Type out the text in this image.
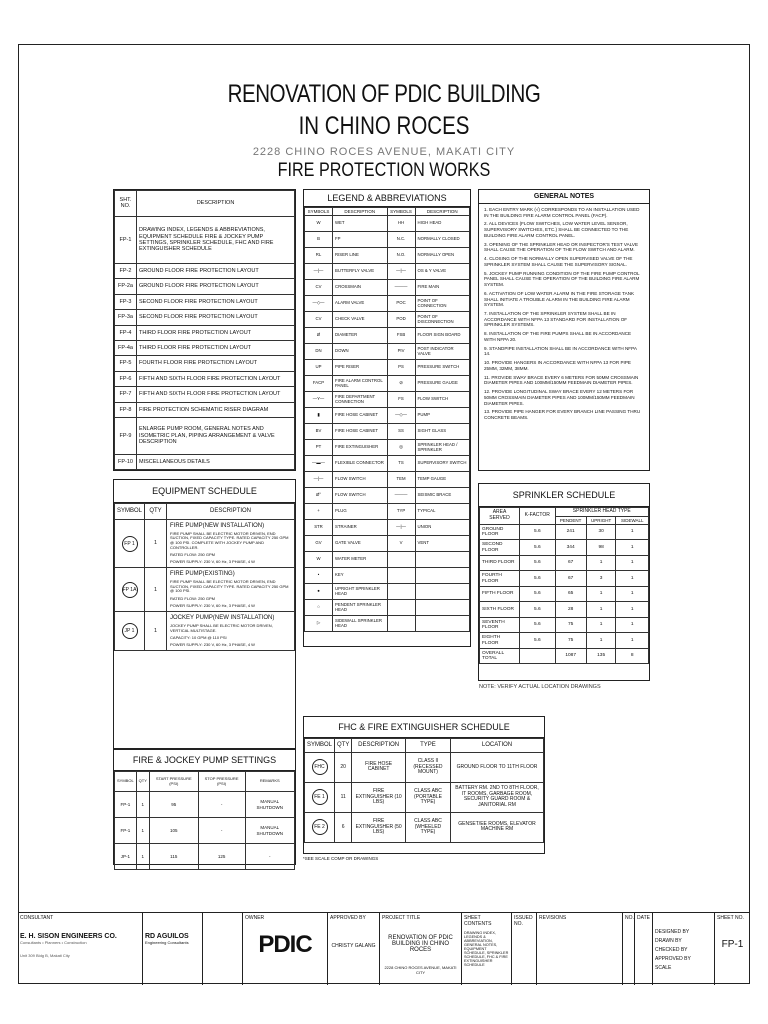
RENOVATION OF PDIC BUILDING
IN CHINO ROCES
2228 CHINO ROCES AVENUE, MAKATI CITY
FIRE PROTECTION WORKS
SHT. NO.	DESCRIPTION
FP-1	DRAWING INDEX, LEGENDS & ABBREVIATIONS, EQUIPMENT SCHEDULE FIRE & JOCKEY PUMP SETTINGS, SPRINKLER SCHEDULE, FHC AND FIRE EXTINGUISHER SCHEDULE
FP-2	GROUND FLOOR FIRE PROTECTION LAYOUT
FP-2a	GROUND FLOOR FIRE PROTECTION LAYOUT
FP-3	SECOND FLOOR FIRE PROTECTION LAYOUT
FP-3a	SECOND FLOOR FIRE PROTECTION LAYOUT
FP-4	THIRD FLOOR FIRE PROTECTION LAYOUT
FP-4a	THIRD FLOOR FIRE PROTECTION LAYOUT
FP-5	FOURTH FLOOR FIRE PROTECTION LAYOUT
FP-6	FIFTH AND SIXTH FLOOR FIRE PROTECTION LAYOUT
FP-7	FIFTH AND SIXTH FLOOR FIRE PROTECTION LAYOUT
FP-8	FIRE PROTECTION SCHEMATIC RISER DIAGRAM
FP-9	ENLARGE PUMP ROOM, GENERAL NOTES AND ISOMETRIC PLAN, PIPING ARRANGEMENT & VALVE DESCRIPTION
FP-10	MISCELLANEOUS DETAILS
LEGEND & ABBREVIATIONS
SYMBOLS	DESCRIPTION	SYMBOLS	DESCRIPTION
W	WET	HH	HIGH HEAD
B	FP	N.C.	NORMALLY CLOSED
RL	RISER LINE	N.O.	NORMALLY OPEN
—|—	BUTTERFLY VALVE	—|—	OS & Y VALVE
CV	CROSSMAIN	———	FIRE MAIN
—◇—	ALARM VALVE	POC	POINT OF CONNECTION
CV	CHECK VALVE	POD	POINT OF DISCONNECTION
Ø	DIAMETER	FSB	FLOOR SIGN BOARD
DN	DOWN	PIV	POST INDICATOR VALVE
UP	PIPE RISER	PS	PRESSURE SWITCH
FACP	FIRE ALARM CONTROL PANEL	⊘	PRESSURE GAUGE
—Y—	FIRE DEPARTMENT CONNECTION	FS	FLOW SWITCH
▮	FIRE HOSE CABINET	—◇—	PUMP
BV	FIRE HOSE CABINET	SS	SIGHT GLASS
PT	FIRE EXTINGUISHER	◎	SPRINKLER HEAD / SPRINKLER
—▬—	FLEXIBLE CONNECTOR	TS	SUPERVISORY SWITCH
—|—	FLOW SWITCH	TEM	TEMP GAUGE
Ø°	FLOW SWITCH	———	SEISMIC BRACE
+	PLUG	TYP	TYPICAL
STR	STRAINER	—|—	UNION
GV	GATE VALVE	V	VENT
W	WATER METER		
•	KEY		
●	UPRIGHT SPRINKLER HEAD		
○	PENDENT SPRINKLER HEAD		
▷	SIDEWALL SPRINKLER HEAD		
GENERAL NOTES
1. EACH ENTRY MARK (√) CORRESPONDS TO AN INSTALLATION USED IN THE BUILDING FIRE ALARM CONTROL PANEL (FACP).
2. ALL DEVICES (FLOW SWITCHES, LOW WATER LEVEL SENSOR, SUPERVISORY SWITCHES, ETC.) SHALL BE CONNECTED TO THE BUILDING FIRE ALARM CONTROL PANEL.
3. OPENING OF THE SPRINKLER HEAD OR INSPECTOR'S TEST VALVE SHALL CAUSE THE OPERATION OF THE FLOW SWITCH AND ALARM.
4. CLOSING OF THE NORMALLY OPEN SUPERVISED VALVE OF THE SPRINKLER SYSTEM SHALL CAUSE THE SUPERVISORY SIGNAL.
5. JOCKEY PUMP RUNNING CONDITION OF THE FIRE PUMP CONTROL PANEL SHALL CAUSE THE OPERATION OF THE BUILDING FIRE ALARM SYSTEM.
6. ACTIVATION OF LOW WATER ALARM IN THE FIRE STORAGE TANK SHALL INITIATE A TROUBLE ALARM IN THE BUILDING FIRE ALARM SYSTEM.
7. INSTALLATION OF THE SPRINKLER SYSTEM SHALL BE IN ACCORDANCE WITH NFPA 13 STANDARD FOR INSTALLATION OF SPRINKLER SYSTEMS.
8. INSTALLATION OF THE FIRE PUMPS SHALL BE IN ACCORDANCE WITH NFPA 20.
9. STANDPIPE INSTALLATION SHALL BE IN ACCORDANCE WITH NFPA 14.
10. PROVIDE HANGERS IN ACCORDANCE WITH NFPA 13 FOR PIPE 25MM, 32MM, 38MM.
11. PROVIDE SWAY BRACE EVERY 6 METERS FOR 50MM CROSSMAIN DIAMETER PIPES AND 100MM/150MM FEEDMAIN DIAMETER PIPES.
12. PROVIDE LONGITUDINAL SWAY BRACE EVERY 12 METERS FOR 50MM CROSSMAIN DIAMETER PIPES AND 100MM/150MM FEEDMAIN DIAMETER PIPES.
13. PROVIDE PIPE HANGER FOR EVERY BRANCH LINE PASSING THRU CONCRETE BEAMS.
EQUIPMENT SCHEDULE
SYMBOL	QTY	DESCRIPTION
FP 1	1	FIRE PUMP(NEW INSTALLATION)
FIRE PUMP SHALL BE ELECTRIC MOTOR DRIVEN, END SUCTION, FIXED CAPACITY TYPE. RATED CAPACITY 250 GPM @ 100 PSI. COMPLETE WITH JOCKEY PUMP AND CONTROLLER.
RATED FLOW: 250 GPM
POWER SUPPLY: 230 V, 60 Hz, 3 PHASE, 4 W

FP 1A	1	FIRE PUMP(EXISTING)
FIRE PUMP SHALL BE ELECTRIC MOTOR DRIVEN, END SUCTION, FIXED CAPACITY TYPE. RATED CAPACITY 250 GPM @ 100 PSI.
RATED FLOW: 250 GPM
POWER SUPPLY: 230 V, 60 Hz, 3 PHASE, 4 W

JP 1	1	JOCKEY PUMP(NEW INSTALLATION)
JOCKEY PUMP SHALL BE ELECTRIC MOTOR DRIVEN, VERTICAL MULTISTAGE.
CAPACITY: 10 GPM @ 110 PSI
POWER SUPPLY: 230 V, 60 Hz, 3 PHASE, 4 W
FIRE & JOCKEY PUMP SETTINGS
SYMBOL	QTY	START PRESSURE (PSI)	STOP PRESSURE (PSI)	REMARKS
FP-1	1	95	-	MANUAL SHUTDOWN
FP-1	1	105	-	MANUAL SHUTDOWN
JP-1	1	115	125	-
SPRINKLER SCHEDULE
AREA SERVED	K-FACTOR	SPRINKLER HEAD TYPE		
		PENDENT	UPRIGHT	SIDEWALL
GROUND FLOOR	5.6	241	30	1
SECOND FLOOR	5.6	344	98	1
THIRD FLOOR	5.6	67	1	1
FOURTH FLOOR	5.6	67	3	1
FIFTH FLOOR	5.6	65	1	1
SIXTH FLOOR	5.6	28	1	1
SEVENTH FLOOR	5.6	75	1	1
EIGHTH FLOOR	5.6	75	1	1
OVERALL TOTAL		1087	135	8
NOTE: VERIFY ACTUAL LOCATION DRAWINGS
FHC & FIRE EXTINGUISHER SCHEDULE
SYMBOL	QTY	DESCRIPTION	TYPE	LOCATION
FHC	20	FIRE HOSE CABINET	CLASS II (RECESSED MOUNT)	GROUND FLOOR TO 11TH FLOOR
FE 1	11	FIRE EXTINGUISHER (10 LBS)	CLASS ABC (PORTABLE TYPE)	BATTERY RM. 2ND TO 8TH FLOOR, IT ROOMS, GARBAGE ROOM, SECURITY GUARD ROOM & JANITORIAL RM
FE 2	6	FIRE EXTINGUISHER (50 LBS)	CLASS ABC (WHEELED TYPE)	GENSET/EE ROOMS, ELEVATOR MACHINE RM
*SEE SCALE COMP OR DRAWINGS
CONSULTANT
E. H. SISON ENGINEERS CO.
Consultants • Planners • Construction
Unit 309 Bldg B, Makati City
RD AGUILOS
Engineering Consultants
OWNER
PDIC
APPROVED BY
CHRISTY GALANG
PROJECT TITLE
RENOVATION OF PDIC BUILDING IN CHINO ROCES
2228 CHINO ROCES AVENUE, MAKATI CITY
SHEET CONTENTS
DRAWING INDEX, LEGENDS & ABBREVIATION, GENERAL NOTES, EQUIPMENT SCHEDULE, SPRINKLER SCHEDULE, FHC & FIRE EXTINGUISHER SCHEDULE
ISSUED NO.
REVISIONS	NO. DATE
DESIGNED BY
DRAWN BY
CHECKED BY
APPROVED BY
SCALE
SHEET NO.
FP-1
